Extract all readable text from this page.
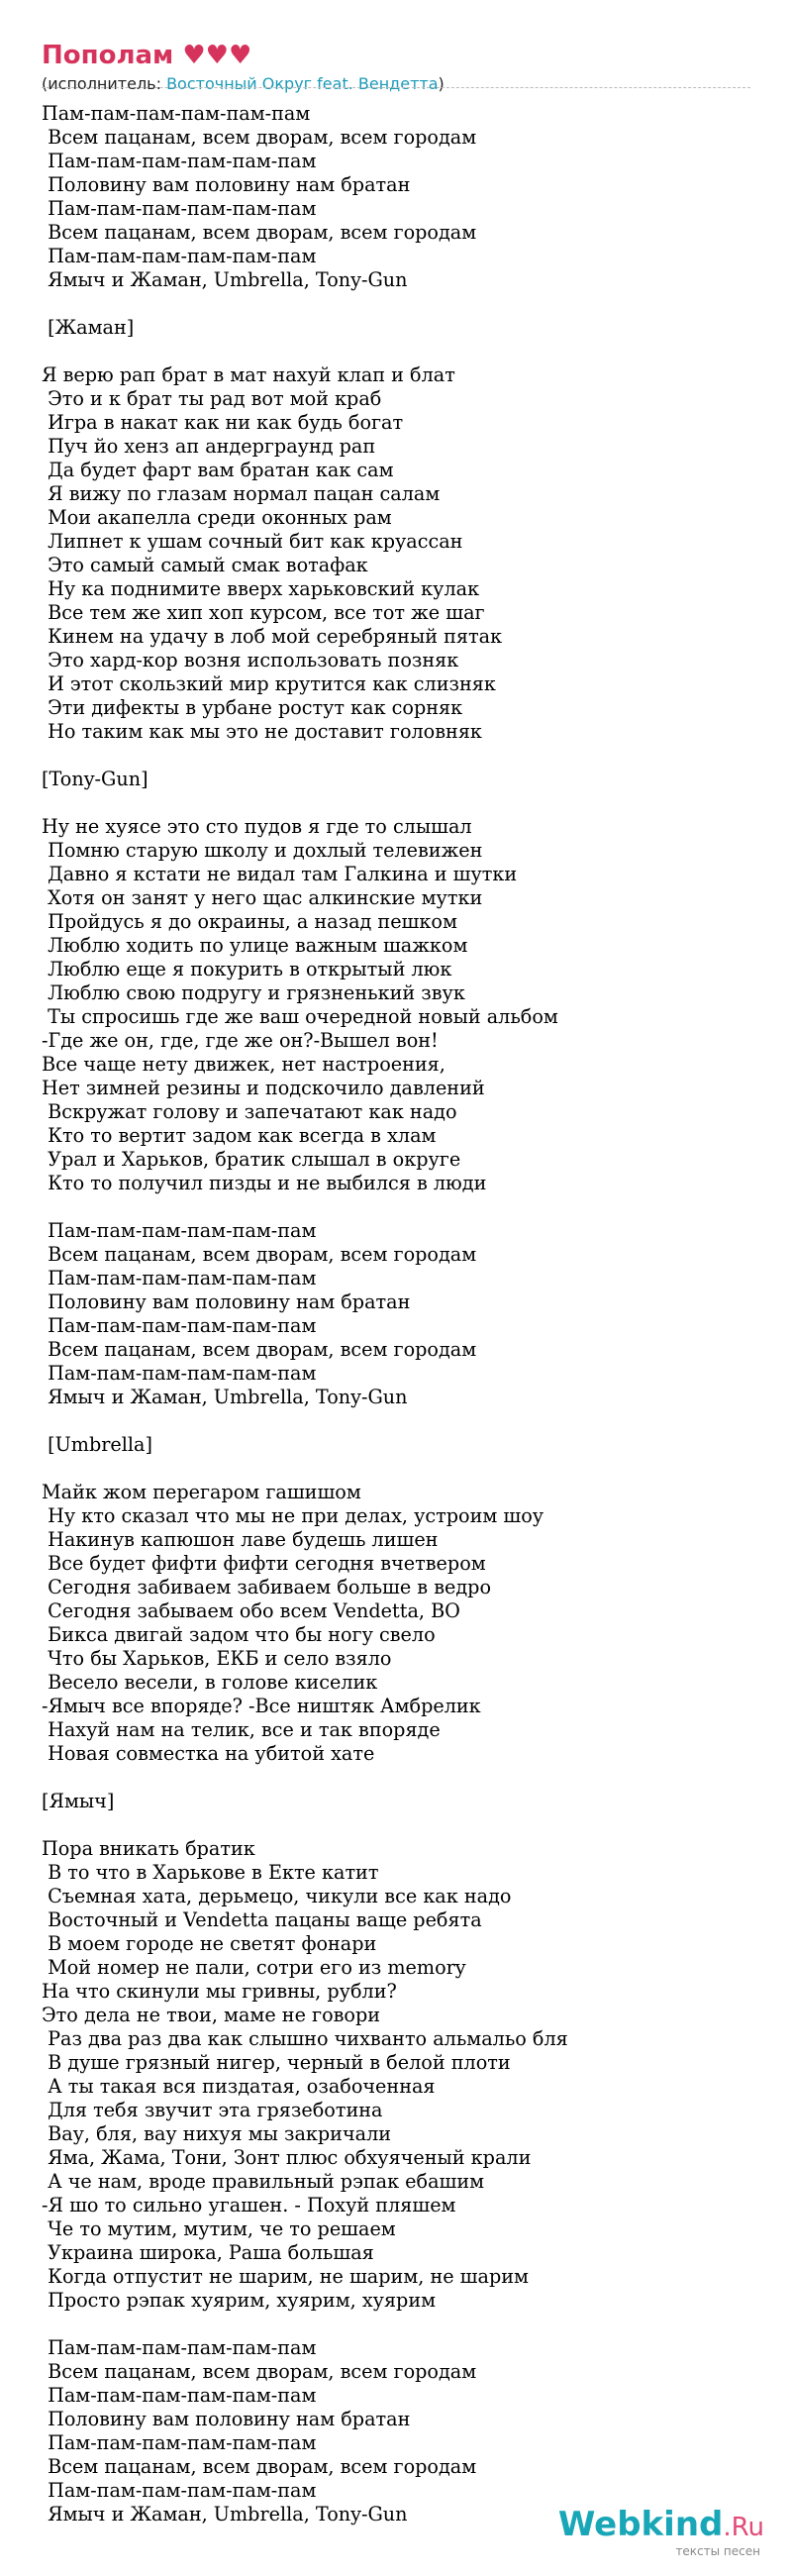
Пополам ♥♥♥
(исполнитель: Восточный Округ feat. Вендетта)
Пам-пам-пам-пам-пам-пам
Всем пацанам, всем дворам, всем городам
Пам-пам-пам-пам-пам-пам
Половину вам половину нам братан
Пам-пам-пам-пам-пам-пам
Всем пацанам, всем дворам, всем городам
Пам-пам-пам-пам-пам-пам
Ямыч и Жаман, Umbrella, Tony-Gun

[Жаман]

Я верю рап брат в мат нахуй клап и блат
Это и к брат ты рад вот мой краб
Игра в накат как ни как будь богат
Пуч йо хенз ап андерграунд рап
Да будет фарт вам братан как сам
Я вижу по глазам нормал пацан салам
Мои акапелла среди оконных рам
Липнет к ушам сочный бит как круассан
Это самый самый смак вотафак
Ну ка поднимите вверх харьковский кулак
Все тем же хип хоп курсом, все тот же шаг
Кинем на удачу в лоб мой серебряный пятак
Это хард-кор возня использовать позняк
И этот скользкий мир крутится как слизняк
Эти дифекты в урбане ростут как сорняк
Но таким как мы это не доставит головняк

[Tony-Gun]

Ну не хуясе это сто пудов я где то слышал
Помню старую школу и дохлый телевижен
Давно я кстати не видал там Галкина и шутки
Хотя он занят у него щас алкинские мутки
Пройдусь я до окраины, а назад пешком
Люблю ходить по улице важным шажком
Люблю еще я покурить в открытый люк
Люблю свою подругу и грязненький звук
Ты спросишь где же ваш очередной новый альбом
-Где же он, где, где же он?-Вышел вон!
Все чаще нету движек, нет настроения,
Нет зимней резины и подскочило давлений
Вскружат голову и запечатают как надо
Кто то вертит задом как всегда в хлам
Урал и Харьков, братик слышал в округе
Кто то получил пизды и не выбился в люди

Пам-пам-пам-пам-пам-пам
Всем пацанам, всем дворам, всем городам
Пам-пам-пам-пам-пам-пам
Половину вам половину нам братан
Пам-пам-пам-пам-пам-пам
Всем пацанам, всем дворам, всем городам
Пам-пам-пам-пам-пам-пам
Ямыч и Жаман, Umbrella, Tony-Gun

[Umbrella]

Майк жом перегаром гашишом
Ну кто сказал что мы не при делах, устроим шоу
Накинув капюшон лаве будешь лишен
Все будет фифти фифти сегодня вчетвером
Сегодня забиваем забиваем больше в ведро
Сегодня забываем обо всем Vendetta, ВО
Бикса двигай задом что бы ногу свело
Что бы Харьков, ЕКБ и село взяло
Весело весели, в голове киселик
-Ямыч все впоряде? -Все ништяк Амбрелик
Нахуй нам на телик, все и так впоряде
Новая совместка на убитой хате

[Ямыч]

Пора вникать братик
В то что в Харькове в Екте катит
Съемная хата, дерьмецо, чикули все как надо
Восточный и Vendetta пацаны ваще ребята
В моем городе не светят фонари
Мой номер не пали, сотри его из memory
На что скинули мы гривны, рубли?
Это дела не твои, маме не говори
Раз два раз два как слышно чихванто альмальо бля
В душе грязный нигер, черный в белой плоти
А ты такая вся пиздатая, озабоченная
Для тебя звучит эта грязеботина
Вау, бля, вау нихуя мы закричали
Яма, Жама, Тони, Зонт плюс обхуяченый крали
А че нам, вроде правильный рэпак ебашим
-Я шо то сильно угашен. - Похуй пляшем
Че то мутим, мутим, че то решаем
Украина широка, Раша большая
Когда отпустит не шарим, не шарим, не шарим
Просто рэпак хуярим, хуярим, хуярим

Пам-пам-пам-пам-пам-пам
Всем пацанам, всем дворам, всем городам
Пам-пам-пам-пам-пам-пам
Половину вам половину нам братан
Пам-пам-пам-пам-пам-пам
Всем пацанам, всем дворам, всем городам
Пам-пам-пам-пам-пам-пам
Ямыч и Жаман, Umbrella, Tony-Gun	Webkind.Ru
тексты песен
